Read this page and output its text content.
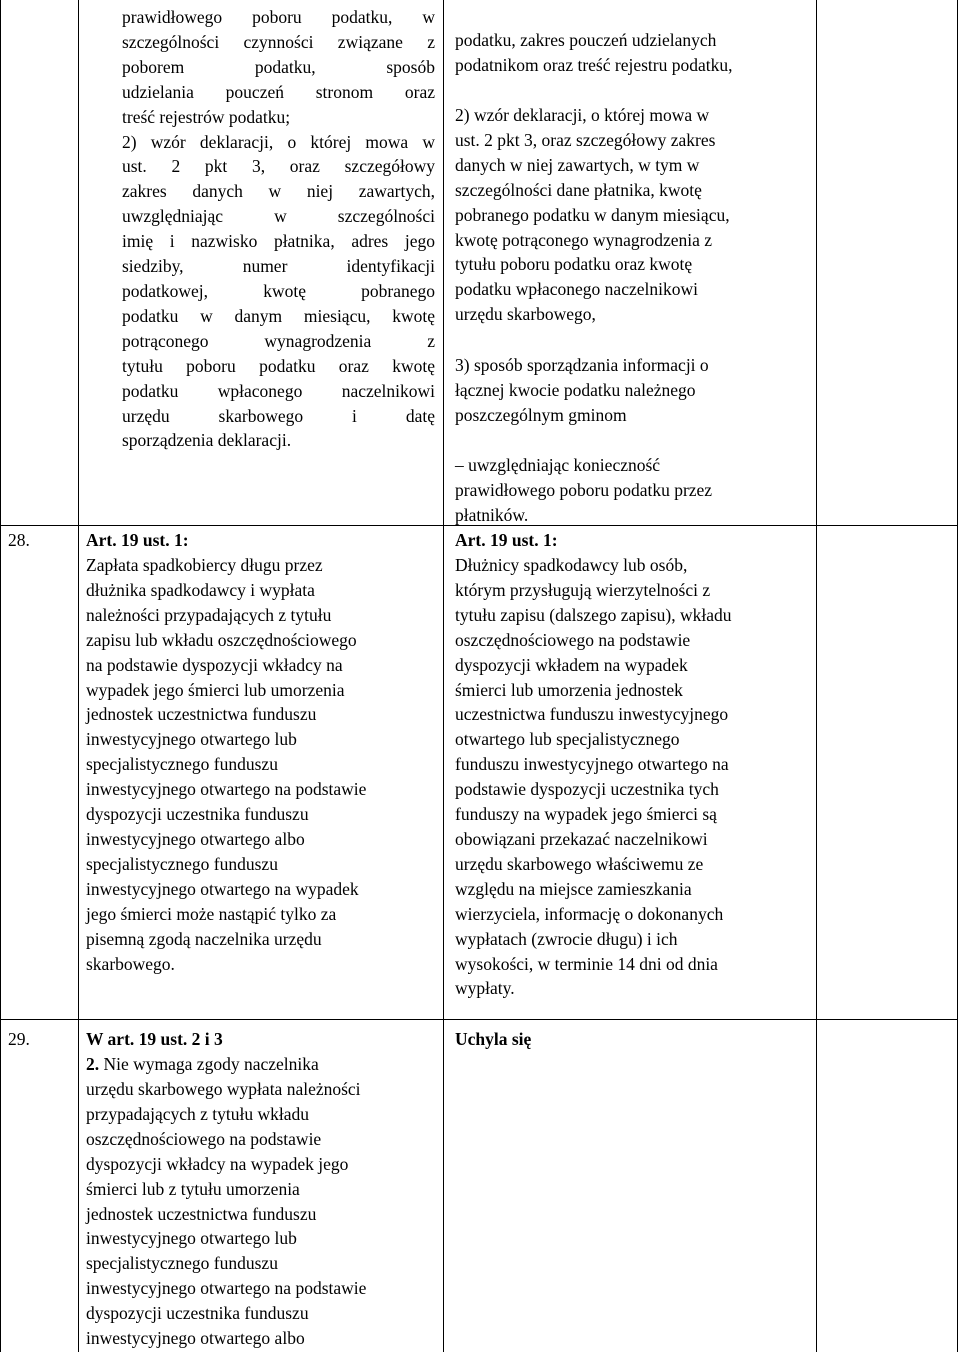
prawidłowego poboru podatku, w
szczególności czynności związane z
poborem podatku, sposób
udzielania pouczeń stronom oraz
treść rejestrów podatku;
2) wzór deklaracji, o której mowa w
ust. 2 pkt 3, oraz szczegółowy
zakres danych w niej zawartych,
uwzględniając w szczególności
imię i nazwisko płatnika, adres jego
siedziby, numer identyfikacji
podatkowej, kwotę pobranego
podatku w danym miesiącu, kwotę
potrąconego wynagrodzenia z
tytułu poboru podatku oraz kwotę
podatku wpłaconego naczelnikowi
urzędu skarbowego i datę
sporządzenia deklaracji.
podatku, zakres pouczeń udzielanych
podatnikom oraz treść rejestru podatku,
2) wzór deklaracji, o której mowa w
ust. 2 pkt 3, oraz szczegółowy zakres
danych w niej zawartych, w tym w
szczególności dane płatnika, kwotę
pobranego podatku w danym miesiącu,
kwotę potrąconego wynagrodzenia z
tytułu poboru podatku oraz kwotę
podatku wpłaconego naczelnikowi
urzędu skarbowego,
3) sposób sporządzania informacji o
łącznej kwocie podatku należnego
poszczególnym gminom
– uwzględniając konieczność
prawidłowego poboru podatku przez
płatników.
28.	Art. 19 ust. 1:
Zapłata spadkobiercy długu przez
dłużnika spadkodawcy i wypłata
należności przypadających z tytułu
zapisu lub wkładu oszczędnościowego
na podstawie dyspozycji wkładcy na
wypadek jego śmierci lub umorzenia
jednostek uczestnictwa funduszu
inwestycyjnego otwartego lub
specjalistycznego funduszu
inwestycyjnego otwartego na podstawie
dyspozycji uczestnika funduszu
inwestycyjnego otwartego albo
specjalistycznego funduszu
inwestycyjnego otwartego na wypadek
jego śmierci może nastąpić tylko za
pisemną zgodą naczelnika urzędu
skarbowego.
Art. 19 ust. 1:
Dłużnicy spadkodawcy lub osób,
którym przysługują wierzytelności z
tytułu zapisu (dalszego zapisu), wkładu
oszczędnościowego na podstawie
dyspozycji wkładem na wypadek
śmierci lub umorzenia jednostek
uczestnictwa funduszu inwestycyjnego
otwartego lub specjalistycznego
funduszu inwestycyjnego otwartego na
podstawie dyspozycji uczestnika tych
funduszy na wypadek jego śmierci są
obowiązani przekazać naczelnikowi
urzędu skarbowego właściwemu ze
względu na miejsce zamieszkania
wierzyciela, informację o dokonanych
wypłatach (zwrocie długu) i ich
wysokości, w terminie 14 dni od dnia
wypłaty.
29.	W art. 19 ust. 2 i 3
2. Nie wymaga zgody naczelnika
urzędu skarbowego wypłata należności
przypadających z tytułu wkładu
oszczędnościowego na podstawie
dyspozycji wkładcy na wypadek jego
śmierci lub z tytułu umorzenia
jednostek uczestnictwa funduszu
inwestycyjnego otwartego lub
specjalistycznego funduszu
inwestycyjnego otwartego na podstawie
dyspozycji uczestnika funduszu
inwestycyjnego otwartego albo
Uchyla się
